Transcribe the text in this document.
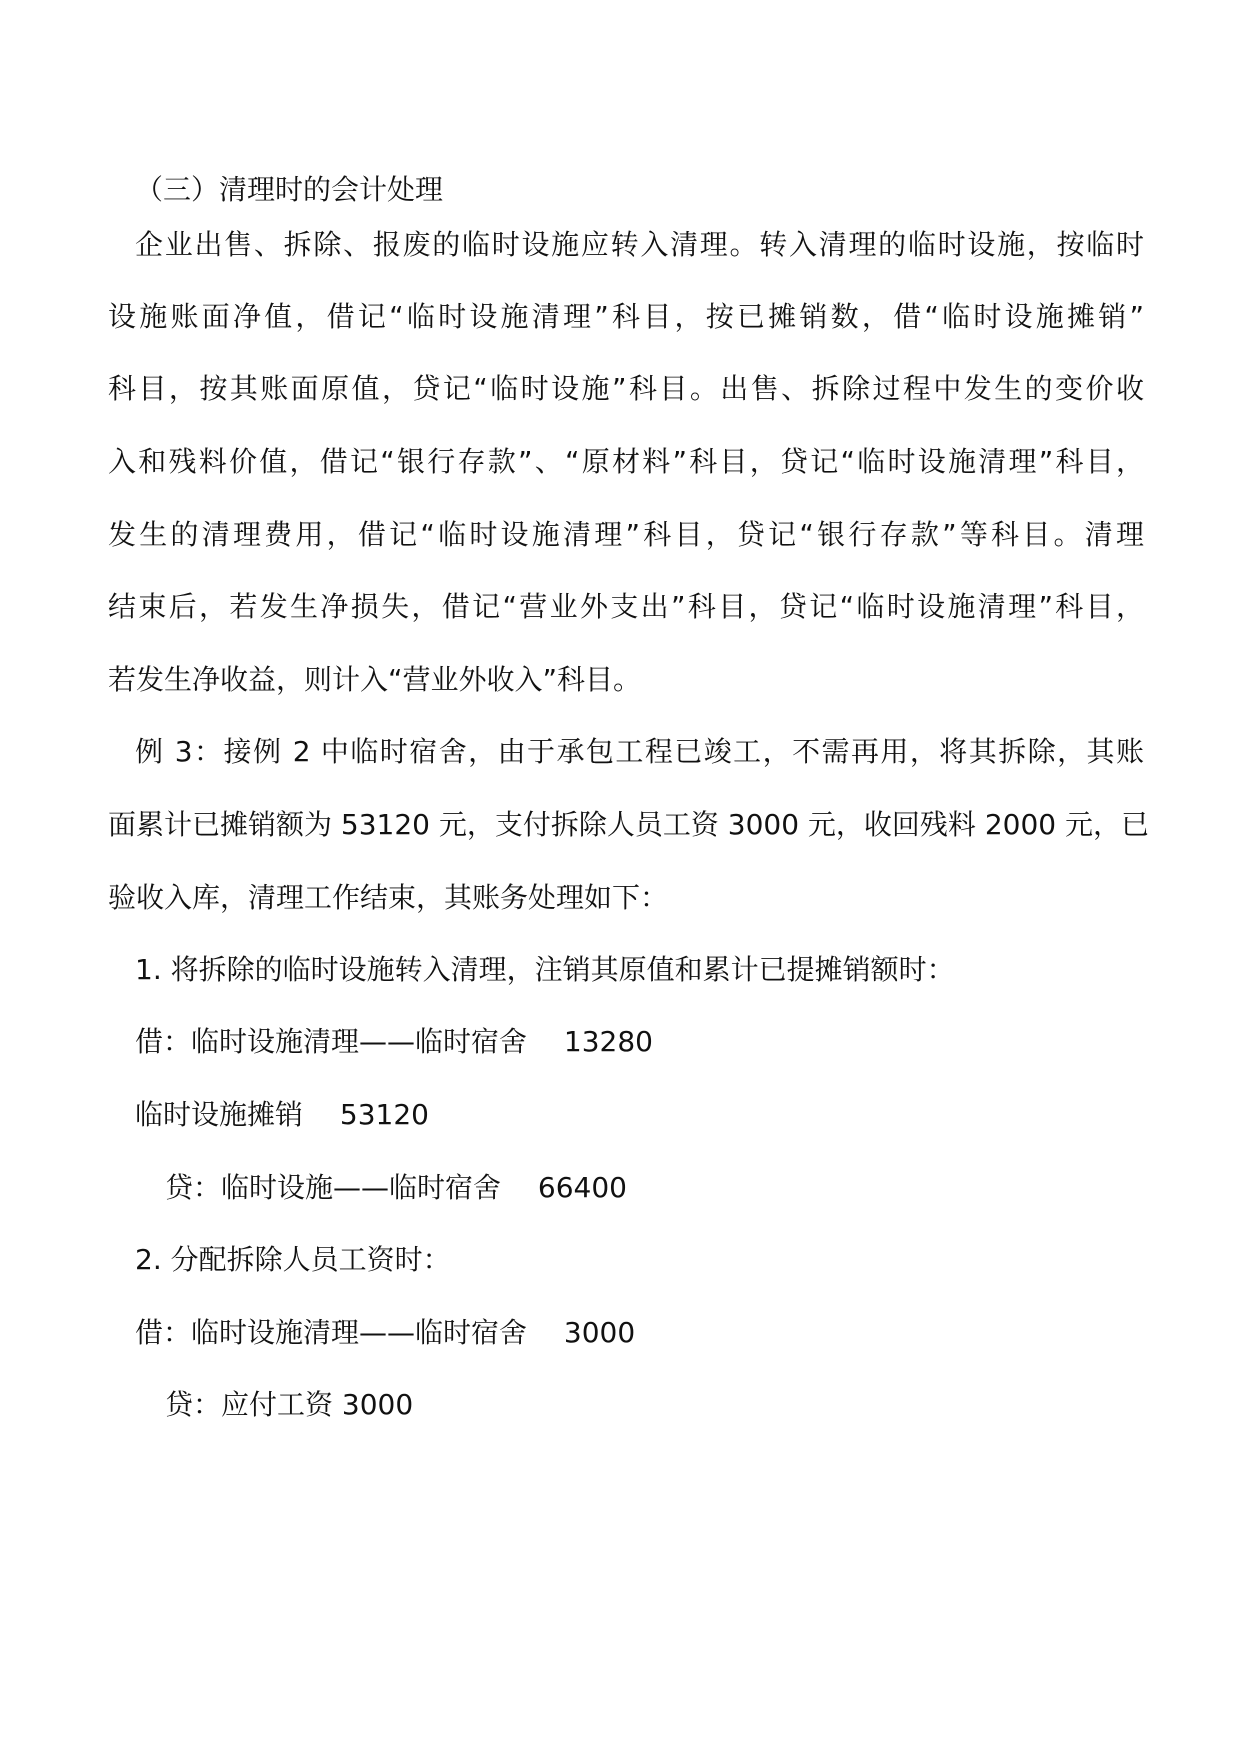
（三）清理时的会计处理
企业出售、拆除、报废的临时设施应转入清理。转入清理的临时设施，按临时
设施账面净值，借记“临时设施清理”科目，按已摊销数，借“临时设施摊销”
科目，按其账面原值，贷记“临时设施”科目。出售、拆除过程中发生的变价收
入和残料价值，借记“银行存款”、“原材料”科目，贷记“临时设施清理”科目，
发生的清理费用，借记“临时设施清理”科目，贷记“银行存款”等科目。清理
结束后，若发生净损失，借记“营业外支出”科目，贷记“临时设施清理”科目，
若发生净收益，则计入“营业外收入”科目。
例 3：接例 2 中临时宿舍，由于承包工程已竣工，不需再用，将其拆除，其账
面累计已摊销额为 53120 元，支付拆除人员工资 3000 元，收回残料 2000 元，已
验收入库，清理工作结束，其账务处理如下：
1. 将拆除的临时设施转入清理，注销其原值和累计已提摊销额时：
借：临时设施清理——临时宿舍　 13280
临时设施摊销　 53120
贷：临时设施——临时宿舍　 66400
2. 分配拆除人员工资时：
借：临时设施清理——临时宿舍　 3000
贷：应付工资 3000
